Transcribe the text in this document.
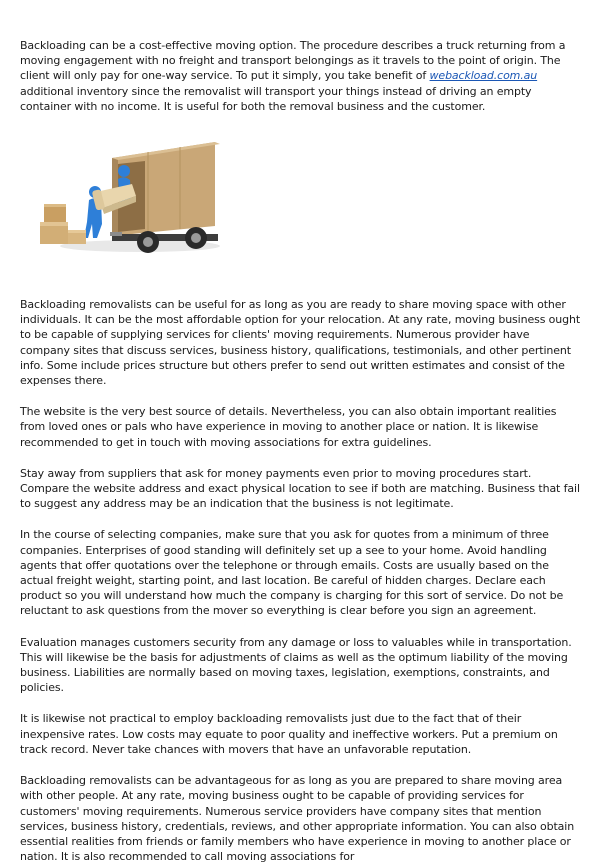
Backloading can be a cost-effective moving option. The procedure describes a truck returning from a moving engagement with no freight and transport belongings as it travels to the point of origin. The client will only pay for one-way service. To put it simply, you take benefit of webackload.com.au additional inventory since the removalist will transport your things instead of driving an empty container with no income. It is useful for both the removal business and the customer.

Backloading removalists can be useful for as long as you are ready to share moving space with other individuals. It can be the most affordable option for your relocation. At any rate, moving business ought to be capable of supplying services for clients' moving requirements. Numerous provider have company sites that discuss services, business history, qualifications, testimonials, and other pertinent info. Some include prices structure but others prefer to send out written estimates and consist of the expenses there.

The website is the very best source of details. Nevertheless, you can also obtain important realities from loved ones or pals who have experience in moving to another place or nation. It is likewise recommended to get in touch with moving associations for extra guidelines.

Stay away from suppliers that ask for money payments even prior to moving procedures start. Compare the website address and exact physical location to see if both are matching. Business that fail to suggest any address may be an indication that the business is not legitimate.

In the course of selecting companies, make sure that you ask for quotes from a minimum of three companies. Enterprises of good standing will definitely set up a see to your home. Avoid handling agents that offer quotations over the telephone or through emails. Costs are usually based on the actual freight weight, starting point, and last location. Be careful of hidden charges. Declare each product so you will understand how much the company is charging for this sort of service. Do not be reluctant to ask questions from the mover so everything is clear before you sign an agreement.

Evaluation manages customers security from any damage or loss to valuables while in transportation. This will likewise be the basis for adjustments of claims as well as the optimum liability of the moving business. Liabilities are normally based on moving taxes, legislation, exemptions, constraints, and policies.

It is likewise not practical to employ backloading removalists just due to the fact that of their inexpensive rates. Low costs may equate to poor quality and ineffective workers. Put a premium on track record. Never take chances with movers that have an unfavorable reputation.

Backloading removalists can be advantageous for as long as you are prepared to share moving area with other people. At any rate, moving business ought to be capable of providing services for customers' moving requirements. Numerous service providers have company sites that mention services, business history, credentials, reviews, and other appropriate information. You can also obtain essential realities from friends or family members who have experience in moving to another place or nation. It is also recommended to call moving associations for
